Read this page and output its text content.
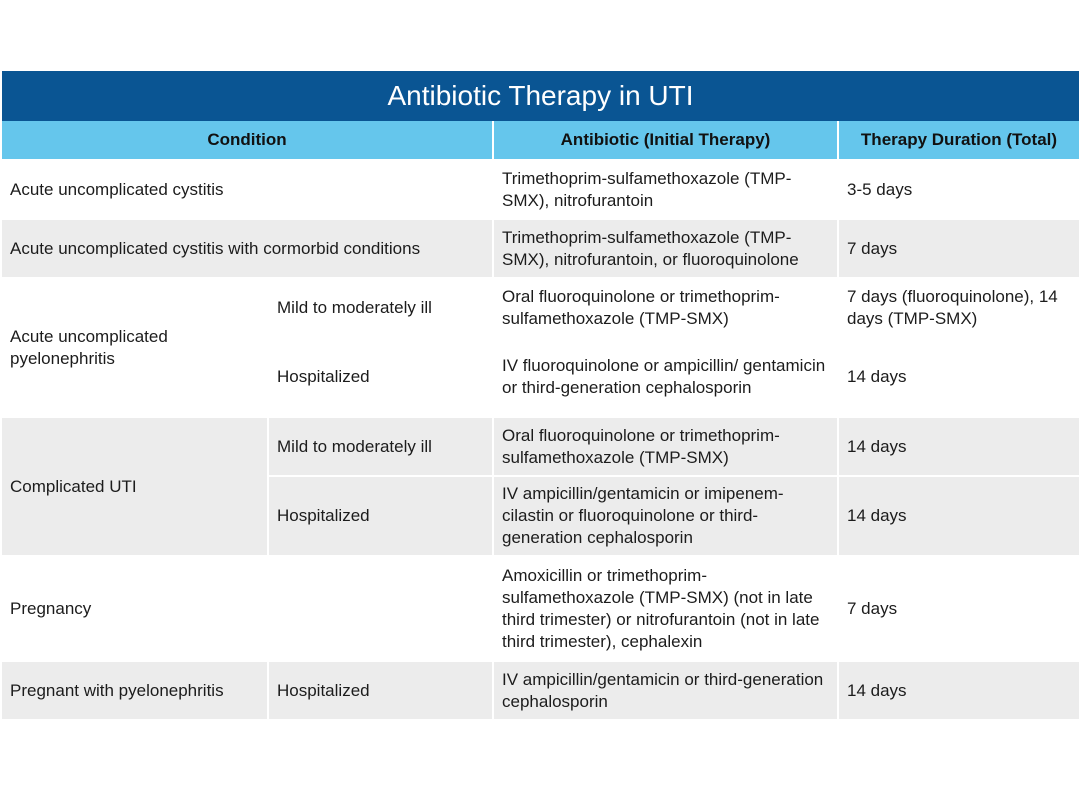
Antibiotic Therapy in UTI			
Condition		Antibiotic (Initial Therapy)	Therapy Duration (Total)
Acute uncomplicated cystitis		Trimethoprim-sulfamethoxazole (TMP-SMX), nitrofurantoin	3-5 days
Acute uncomplicated cystitis with cormorbid conditions		Trimethoprim-sulfamethoxazole (TMP-SMX), nitrofurantoin, or fluoroquinolone	7 days
Acute uncomplicated pyelonephritis	Mild to moderately ill	Oral fluoroquinolone or trimethoprim-sulfamethoxazole (TMP-SMX)	7 days (fluoroquinolone), 14 days (TMP-SMX)
	Hospitalized	IV fluoroquinolone or ampicillin/ gentamicin or third-generation cephalosporin	14 days
Complicated UTI	Mild to moderately ill	Oral fluoroquinolone or trimethoprim-sulfamethoxazole (TMP-SMX)	14 days
	Hospitalized	IV ampicillin/gentamicin or imipenem-cilastin or fluoroquinolone or third-generation cephalosporin	14 days
Pregnancy		Amoxicillin or trimethoprim-sulfamethoxazole (TMP-SMX) (not in late third trimester) or nitrofurantoin (not in late third trimester), cephalexin	7 days
Pregnant with pyelonephritis	Hospitalized	IV ampicillin/gentamicin or third-generation cephalosporin	14 days
